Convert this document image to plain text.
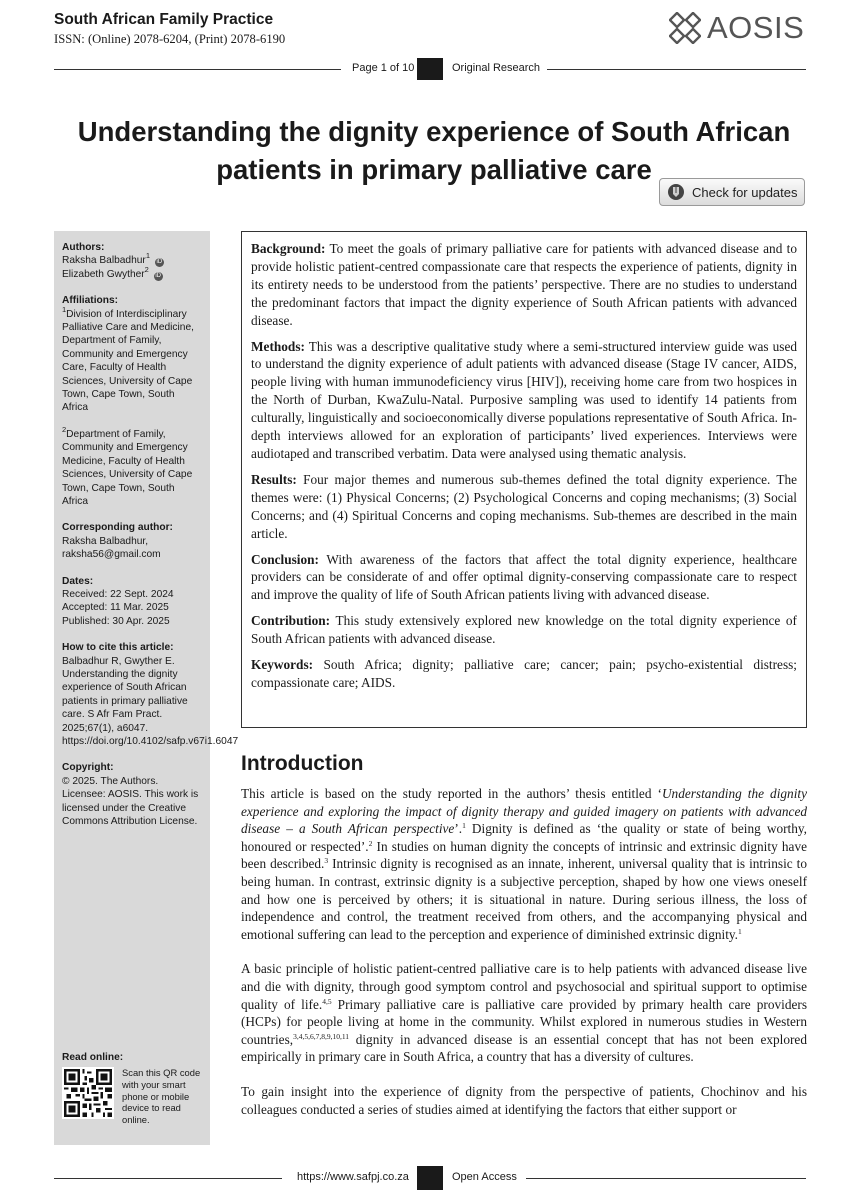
South African Family Practice
ISSN: (Online) 2078-6204, (Print) 2078-6190	AOSIS
Page 1 of 10	Original Research
Understanding the dignity experience of South African
patients in primary palliative care
Check for updates
Authors:
Raksha Balbadhur$^1$ iD
Elizabeth Gwyther$^2$ iD
Affiliations:
$^1$Division of Interdisciplinary Palliative Care and Medicine, Department of Family, Community and Emergency Care, Faculty of Health Sciences, University of Cape Town, Cape Town, South Africa
$^2$Department of Family, Community and Emergency Medicine, Faculty of Health Sciences, University of Cape Town, Cape Town, South Africa
Corresponding author:
Raksha Balbadhur,
raksha56@gmail.com
Dates:
Received: 22 Sept. 2024
Accepted: 11 Mar. 2025
Published: 30 Apr. 2025
How to cite this article:
Balbadhur R, Gwyther E. Understanding the dignity experience of South African patients in primary palliative care. S Afr Fam Pract. 2025;67(1), a6047. https://doi.org/10.4102/safp.v67i1.6047
Copyright:
© 2025. The Authors. Licensee: AOSIS. This work is licensed under the Creative Commons Attribution License.
Read online:
Scan this QR code with your smart phone or mobile device to read online.

Background: To meet the goals of primary palliative care for patients with advanced disease and to provide holistic patient-centred compassionate care that respects the experience of patients, dignity in its entirety needs to be understood from the patients’ perspective. There are no studies to understand the predominant factors that impact the dignity experience of South African patients with advanced disease.

Methods: This was a descriptive qualitative study where a semi-structured interview guide was used to understand the dignity experience of adult patients with advanced disease (Stage IV cancer, AIDS, people living with human immunodeficiency virus [HIV]), receiving home care from two hospices in the North of Durban, KwaZulu-Natal. Purposive sampling was used to identify 14 patients from culturally, linguistically and socioeconomically diverse populations representative of South Africa. In-depth interviews allowed for an exploration of participants’ lived experiences. Interviews were audiotaped and transcribed verbatim. Data were analysed using thematic analysis.

Results: Four major themes and numerous sub-themes defined the total dignity experience. The themes were: (1) Physical Concerns; (2) Psychological Concerns and coping mechanisms; (3) Social Concerns; and (4) Spiritual Concerns and coping mechanisms. Sub-themes are described in the main article.

Conclusion: With awareness of the factors that affect the total dignity experience, healthcare providers can be considerate of and offer optimal dignity-conserving compassionate care to respect and improve the quality of life of South African patients living with advanced disease.

Contribution: This study extensively explored new knowledge on the total dignity experience of South African patients with advanced disease.

Keywords: South Africa; dignity; palliative care; cancer; pain; psycho-existential distress; compassionate care; AIDS.

Introduction

This article is based on the study reported in the authors’ thesis entitled ‘Understanding the dignity experience and exploring the impact of dignity therapy and guided imagery on patients with advanced disease – a South African perspective’.$^1$ Dignity is defined as ‘the quality or state of being worthy, honoured or respected’.$^2$ In studies on human dignity the concepts of intrinsic and extrinsic dignity have been described.$^3$ Intrinsic dignity is recognised as an innate, inherent, universal quality that is intrinsic to being human. In contrast, extrinsic dignity is a subjective perception, shaped by how one views oneself and how one is perceived by others; it is situational in nature. During serious illness, the loss of independence and control, the treatment received from others, and the accompanying physical and emotional suffering can lead to the perception and experience of diminished extrinsic dignity.$^1$

A basic principle of holistic patient-centred palliative care is to help patients with advanced disease live and die with dignity, through good symptom control and psychosocial and spiritual support to optimise quality of life.$^{4,5}$ Primary palliative care is palliative care provided by primary health care providers (HCPs) for people living at home in the community. Whilst explored in numerous studies in Western countries,$^{3,4,5,6,7,8,9,10,11}$ dignity in advanced disease is an essential concept that has not been explored empirically in primary care in South Africa, a country that has a diversity of cultures.

To gain insight into the experience of dignity from the perspective of patients, Chochinov and his colleagues conducted a series of studies aimed at identifying the factors that either support or

https://www.safpj.co.za	Open Access
